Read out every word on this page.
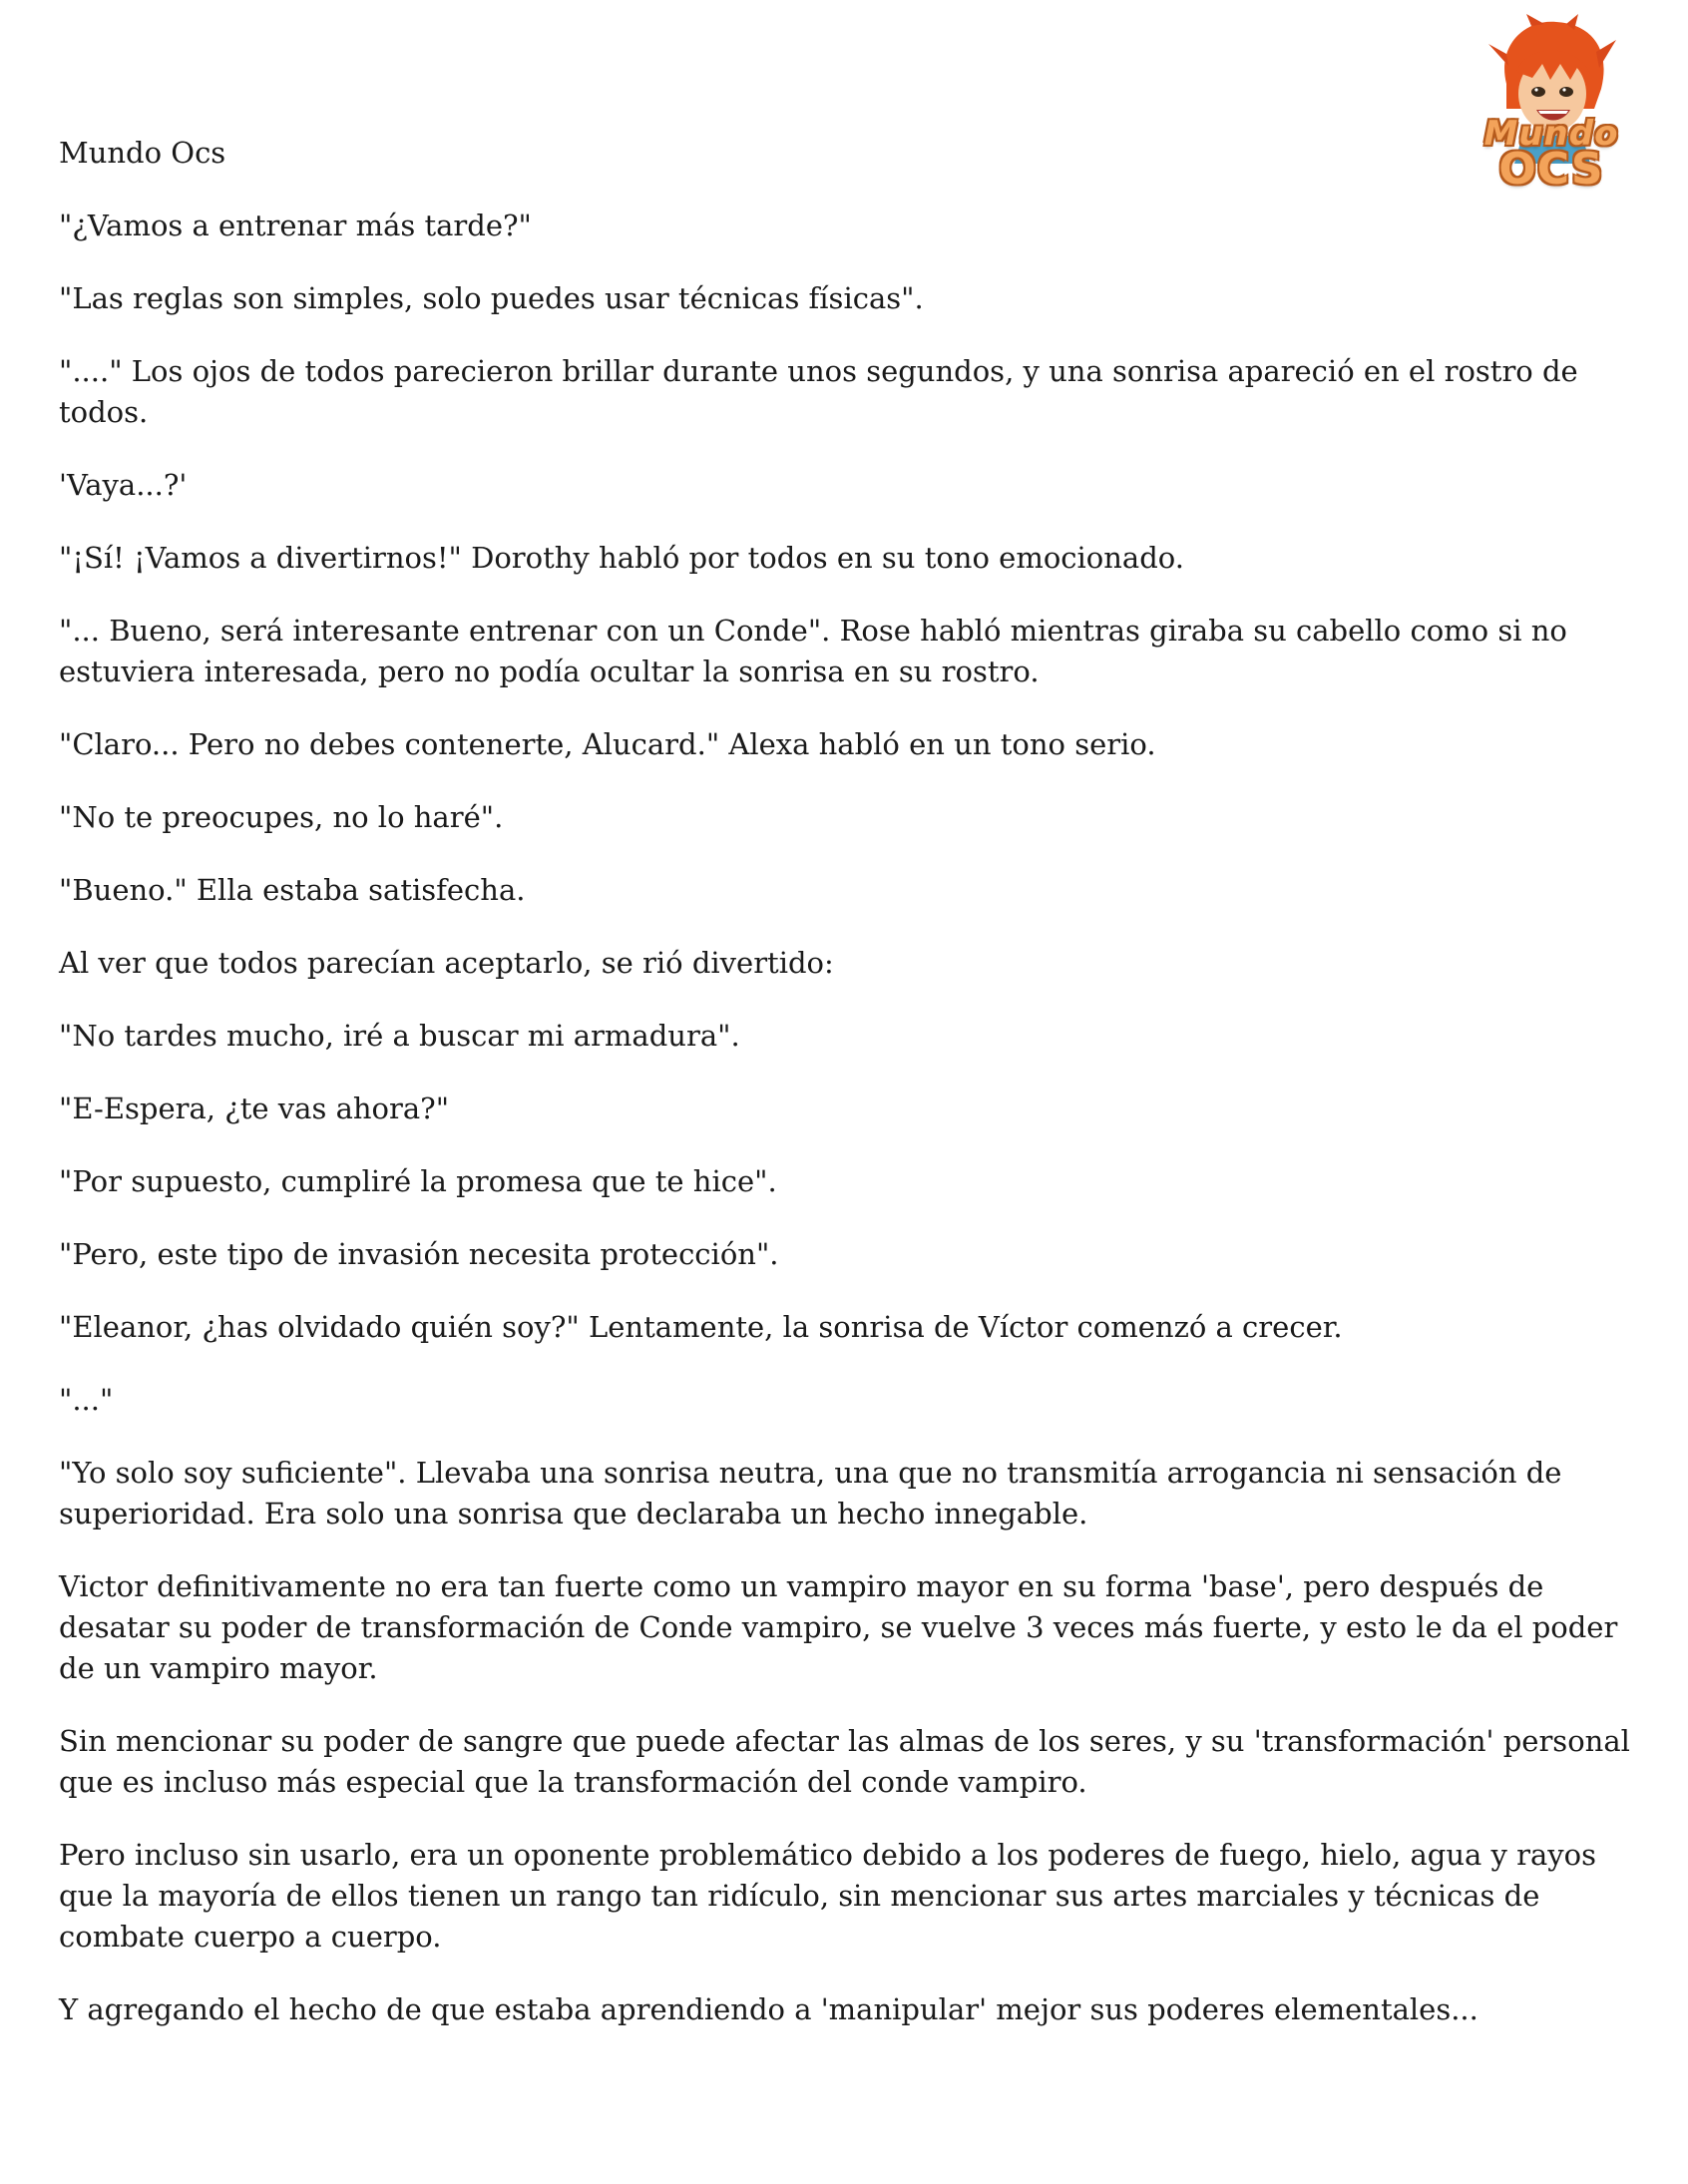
Mundo
OCS

Mundo Ocs

"¿Vamos a entrenar más tarde?"

"Las reglas son simples, solo puedes usar técnicas físicas".

"...." Los ojos de todos parecieron brillar durante unos segundos, y una sonrisa apareció en el rostro de todos.

'Vaya...?'

"¡Sí! ¡Vamos a divertirnos!" Dorothy habló por todos en su tono emocionado.

"... Bueno, será interesante entrenar con un Conde". Rose habló mientras giraba su cabello como si no estuviera interesada, pero no podía ocultar la sonrisa en su rostro.

"Claro... Pero no debes contenerte, Alucard." Alexa habló en un tono serio.

"No te preocupes, no lo haré".

"Bueno." Ella estaba satisfecha.

Al ver que todos parecían aceptarlo, se rió divertido:

"No tardes mucho, iré a buscar mi armadura".

"E-Espera, ¿te vas ahora?"

"Por supuesto, cumpliré la promesa que te hice".

"Pero, este tipo de invasión necesita protección".

"Eleanor, ¿has olvidado quién soy?" Lentamente, la sonrisa de Víctor comenzó a crecer.

"..."

"Yo solo soy suficiente". Llevaba una sonrisa neutra, una que no transmitía arrogancia ni sensación de superioridad. Era solo una sonrisa que declaraba un hecho innegable.

Victor definitivamente no era tan fuerte como un vampiro mayor en su forma 'base', pero después de desatar su poder de transformación de Conde vampiro, se vuelve 3 veces más fuerte, y esto le da el poder de un vampiro mayor.

Sin mencionar su poder de sangre que puede afectar las almas de los seres, y su 'transformación' personal que es incluso más especial que la transformación del conde vampiro.

Pero incluso sin usarlo, era un oponente problemático debido a los poderes de fuego, hielo, agua y rayos que la mayoría de ellos tienen un rango tan ridículo, sin mencionar sus artes marciales y técnicas de combate cuerpo a cuerpo.

Y agregando el hecho de que estaba aprendiendo a 'manipular' mejor sus poderes elementales...
